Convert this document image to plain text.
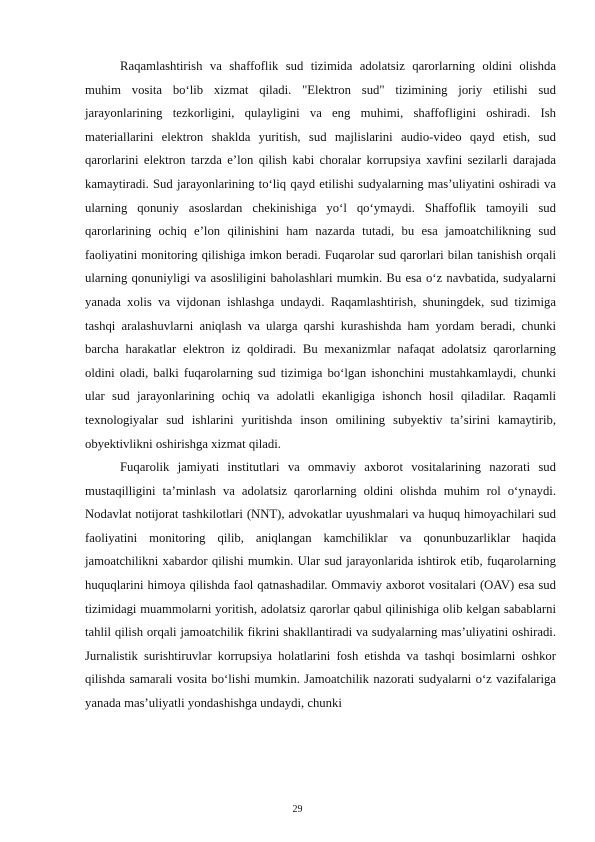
Raqamlashtirish va shaffoflik sud tizimida adolatsiz qarorlarning oldini olishda muhim vosita boʻlib xizmat qiladi. "Elektron sud" tizimining joriy etilishi sud jarayonlarining tezkorligini, qulayligini va eng muhimi, shaffofligini oshiradi. Ish materiallarini elektron shaklda yuritish, sud majlislarini audio-video qayd etish, sud qarorlarini elektron tarzda eʼlon qilish kabi choralar korrupsiya xavfini sezilarli darajada kamaytiradi. Sud jarayonlarining toʻliq qayd etilishi sudyalarning masʼuliyatini oshiradi va ularning qonuniy asoslardan chekinishiga yoʻl qoʻymaydi. Shaffoflik tamoyili sud qarorlarining ochiq eʼlon qilinishini ham nazarda tutadi, bu esa jamoatchilikning sud faoliyatini monitoring qilishiga imkon beradi. Fuqarolar sud qarorlari bilan tanishish orqali ularning qonuniyligi va asosliligini baholashlari mumkin. Bu esa oʻz navbatida, sudyalarni yanada xolis va vijdonan ishlashga undaydi. Raqamlashtirish, shuningdek, sud tizimiga tashqi aralashuvlarni aniqlash va ularga qarshi kurashishda ham yordam beradi, chunki barcha harakatlar elektron iz qoldiradi. Bu mexanizmlar nafaqat adolatsiz qarorlarning oldini oladi, balki fuqarolarning sud tizimiga boʻlgan ishonchini mustahkamlaydi, chunki ular sud jarayonlarining ochiq va adolatli ekanligiga ishonch hosil qiladilar. Raqamli texnologiyalar sud ishlarini yuritishda inson omilining subyektiv taʼsirini kamaytirib, obyektivlikni oshirishga xizmat qiladi.

Fuqarolik jamiyati institutlari va ommaviy axborot vositalarining nazorati sud mustaqilligini taʼminlash va adolatsiz qarorlarning oldini olishda muhim rol oʻynaydi. Nodavlat notijorat tashkilotlari (NNT), advokatlar uyushmalari va huquq himoyachilari sud faoliyatini monitoring qilib, aniqlangan kamchiliklar va qonunbuzarliklar haqida jamoatchilikni xabardor qilishi mumkin. Ular sud jarayonlarida ishtirok etib, fuqarolarning huquqlarini himoya qilishda faol qatnashadilar. Ommaviy axborot vositalari (OAV) esa sud tizimidagi muammolarni yoritish, adolatsiz qarorlar qabul qilinishiga olib kelgan sabablarni tahlil qilish orqali jamoatchilik fikrini shakllantiradi va sudyalarning masʼuliyatini oshiradi. Jurnalistik surishtiruvlar korrupsiya holatlarini fosh etishda va tashqi bosimlarni oshkor qilishda samarali vosita boʻlishi mumkin. Jamoatchilik nazorati sudyalarni oʻz vazifalariga yanada masʼuliyatli yondashishga undaydi, chunki

29
